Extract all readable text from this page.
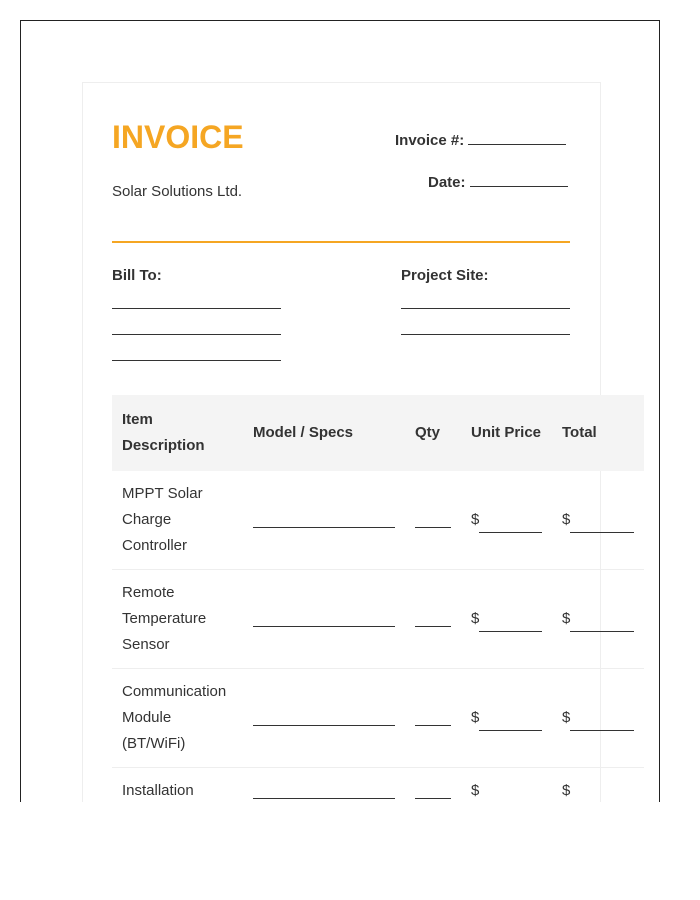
INVOICE
Solar Solutions Ltd.
Invoice #:
Date:
Bill To:	Project Site:
Item Description	Model / Specs	Qty	Unit Price	Total
MPPT Solar Charge Controller			$	$

Remote Temperature Sensor			$	$

Communication Module (BT/WiFi)			$	$

Installation			$	$
